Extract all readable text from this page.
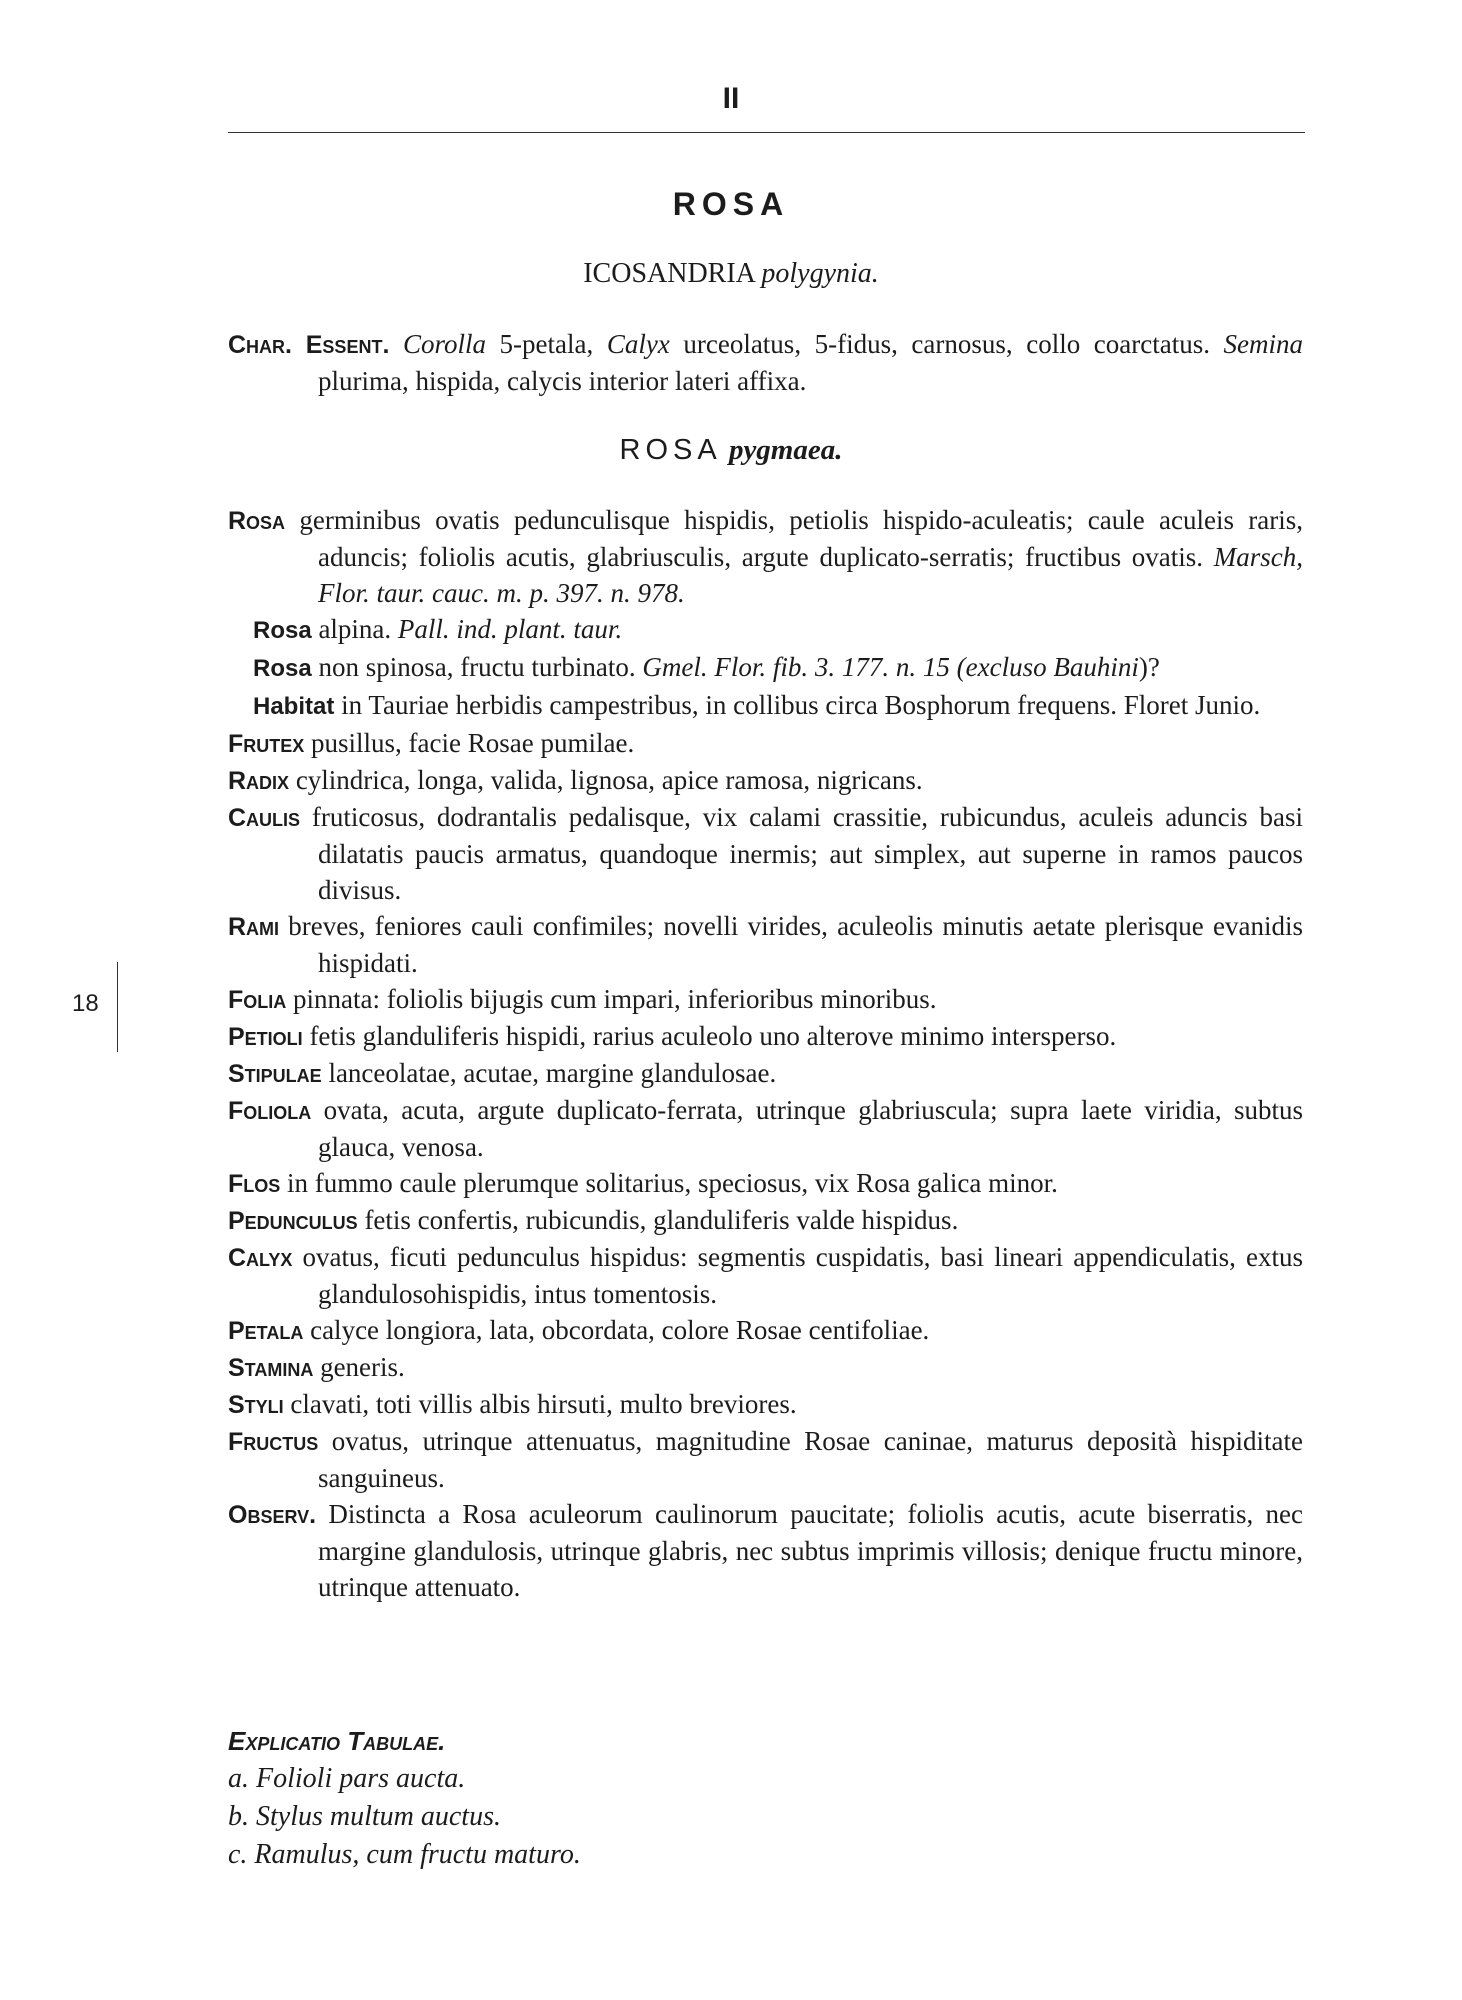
II
ROSA
ICOSANDRIA polygynia.

Char. Essent. Corolla 5-petala, Calyx urceolatus, 5-fidus, carnosus, collo coarctatus. Semina plurima, hispida, calycis interior lateri affixa.

ROSA pygmaea.

Rosa germinibus ovatis pedunculisque hispidis, petiolis hispido-aculeatis; caule aculeis raris, aduncis; foliolis acutis, glabriusculis, argute duplicato-serratis; fructibus ovatis. Marsch, Flor. taur. cauc. m. p. 397. n. 978.

Rosa alpina. Pall. ind. plant. taur.

Rosa non spinosa, fructu turbinato. Gmel. Flor. fib. 3. 177. n. 15 (excluso Bauhini)?

Habitat in Tauriae herbidis campestribus, in collibus circa Bosphorum frequens. Floret Junio.

Frutex pusillus, facie Rosae pumilae.

Radix cylindrica, longa, valida, lignosa, apice ramosa, nigricans.

Caulis fruticosus, dodrantalis pedalisque, vix calami crassitie, rubicundus, aculeis aduncis basi dilatatis paucis armatus, quandoque inermis; aut simplex, aut superne in ramos paucos divisus.

Rami breves, feniores cauli confimiles; novelli virides, aculeolis minutis aetate plerisque evanidis hispidati.

Folia pinnata: foliolis bijugis cum impari, inferioribus minoribus.

Petioli fetis glanduliferis hispidi, rarius aculeolo uno alterove minimo intersperso.

Stipulae lanceolatae, acutae, margine glandulosae.

Foliola ovata, acuta, argute duplicato-ferrata, utrinque glabriuscula; supra laete viridia, subtus glauca, venosa.

Flos in fummo caule plerumque solitarius, speciosus, vix Rosa galica minor.

Pedunculus fetis confertis, rubicundis, glanduliferis valde hispidus.

Calyx ovatus, ficuti pedunculus hispidus: segmentis cuspidatis, basi lineari appendiculatis, extus glandulosohispidis, intus tomentosis.

Petala calyce longiora, lata, obcordata, colore Rosae centifoliae.

Stamina generis.

Styli clavati, toti villis albis hirsuti, multo breviores.

Fructus ovatus, utrinque attenuatus, magnitudine Rosae caninae, maturus deposità hispiditate sanguineus.

Observ. Distincta a Rosa aculeorum caulinorum paucitate; foliolis acutis, acute biserratis, nec margine glandulosis, utrinque glabris, nec subtus imprimis villosis; denique fructu minore, utrinque attenuato.

18
Explicatio Tabulae.
a. Folioli pars aucta.
b. Stylus multum auctus.
c. Ramulus, cum fructu maturo.
